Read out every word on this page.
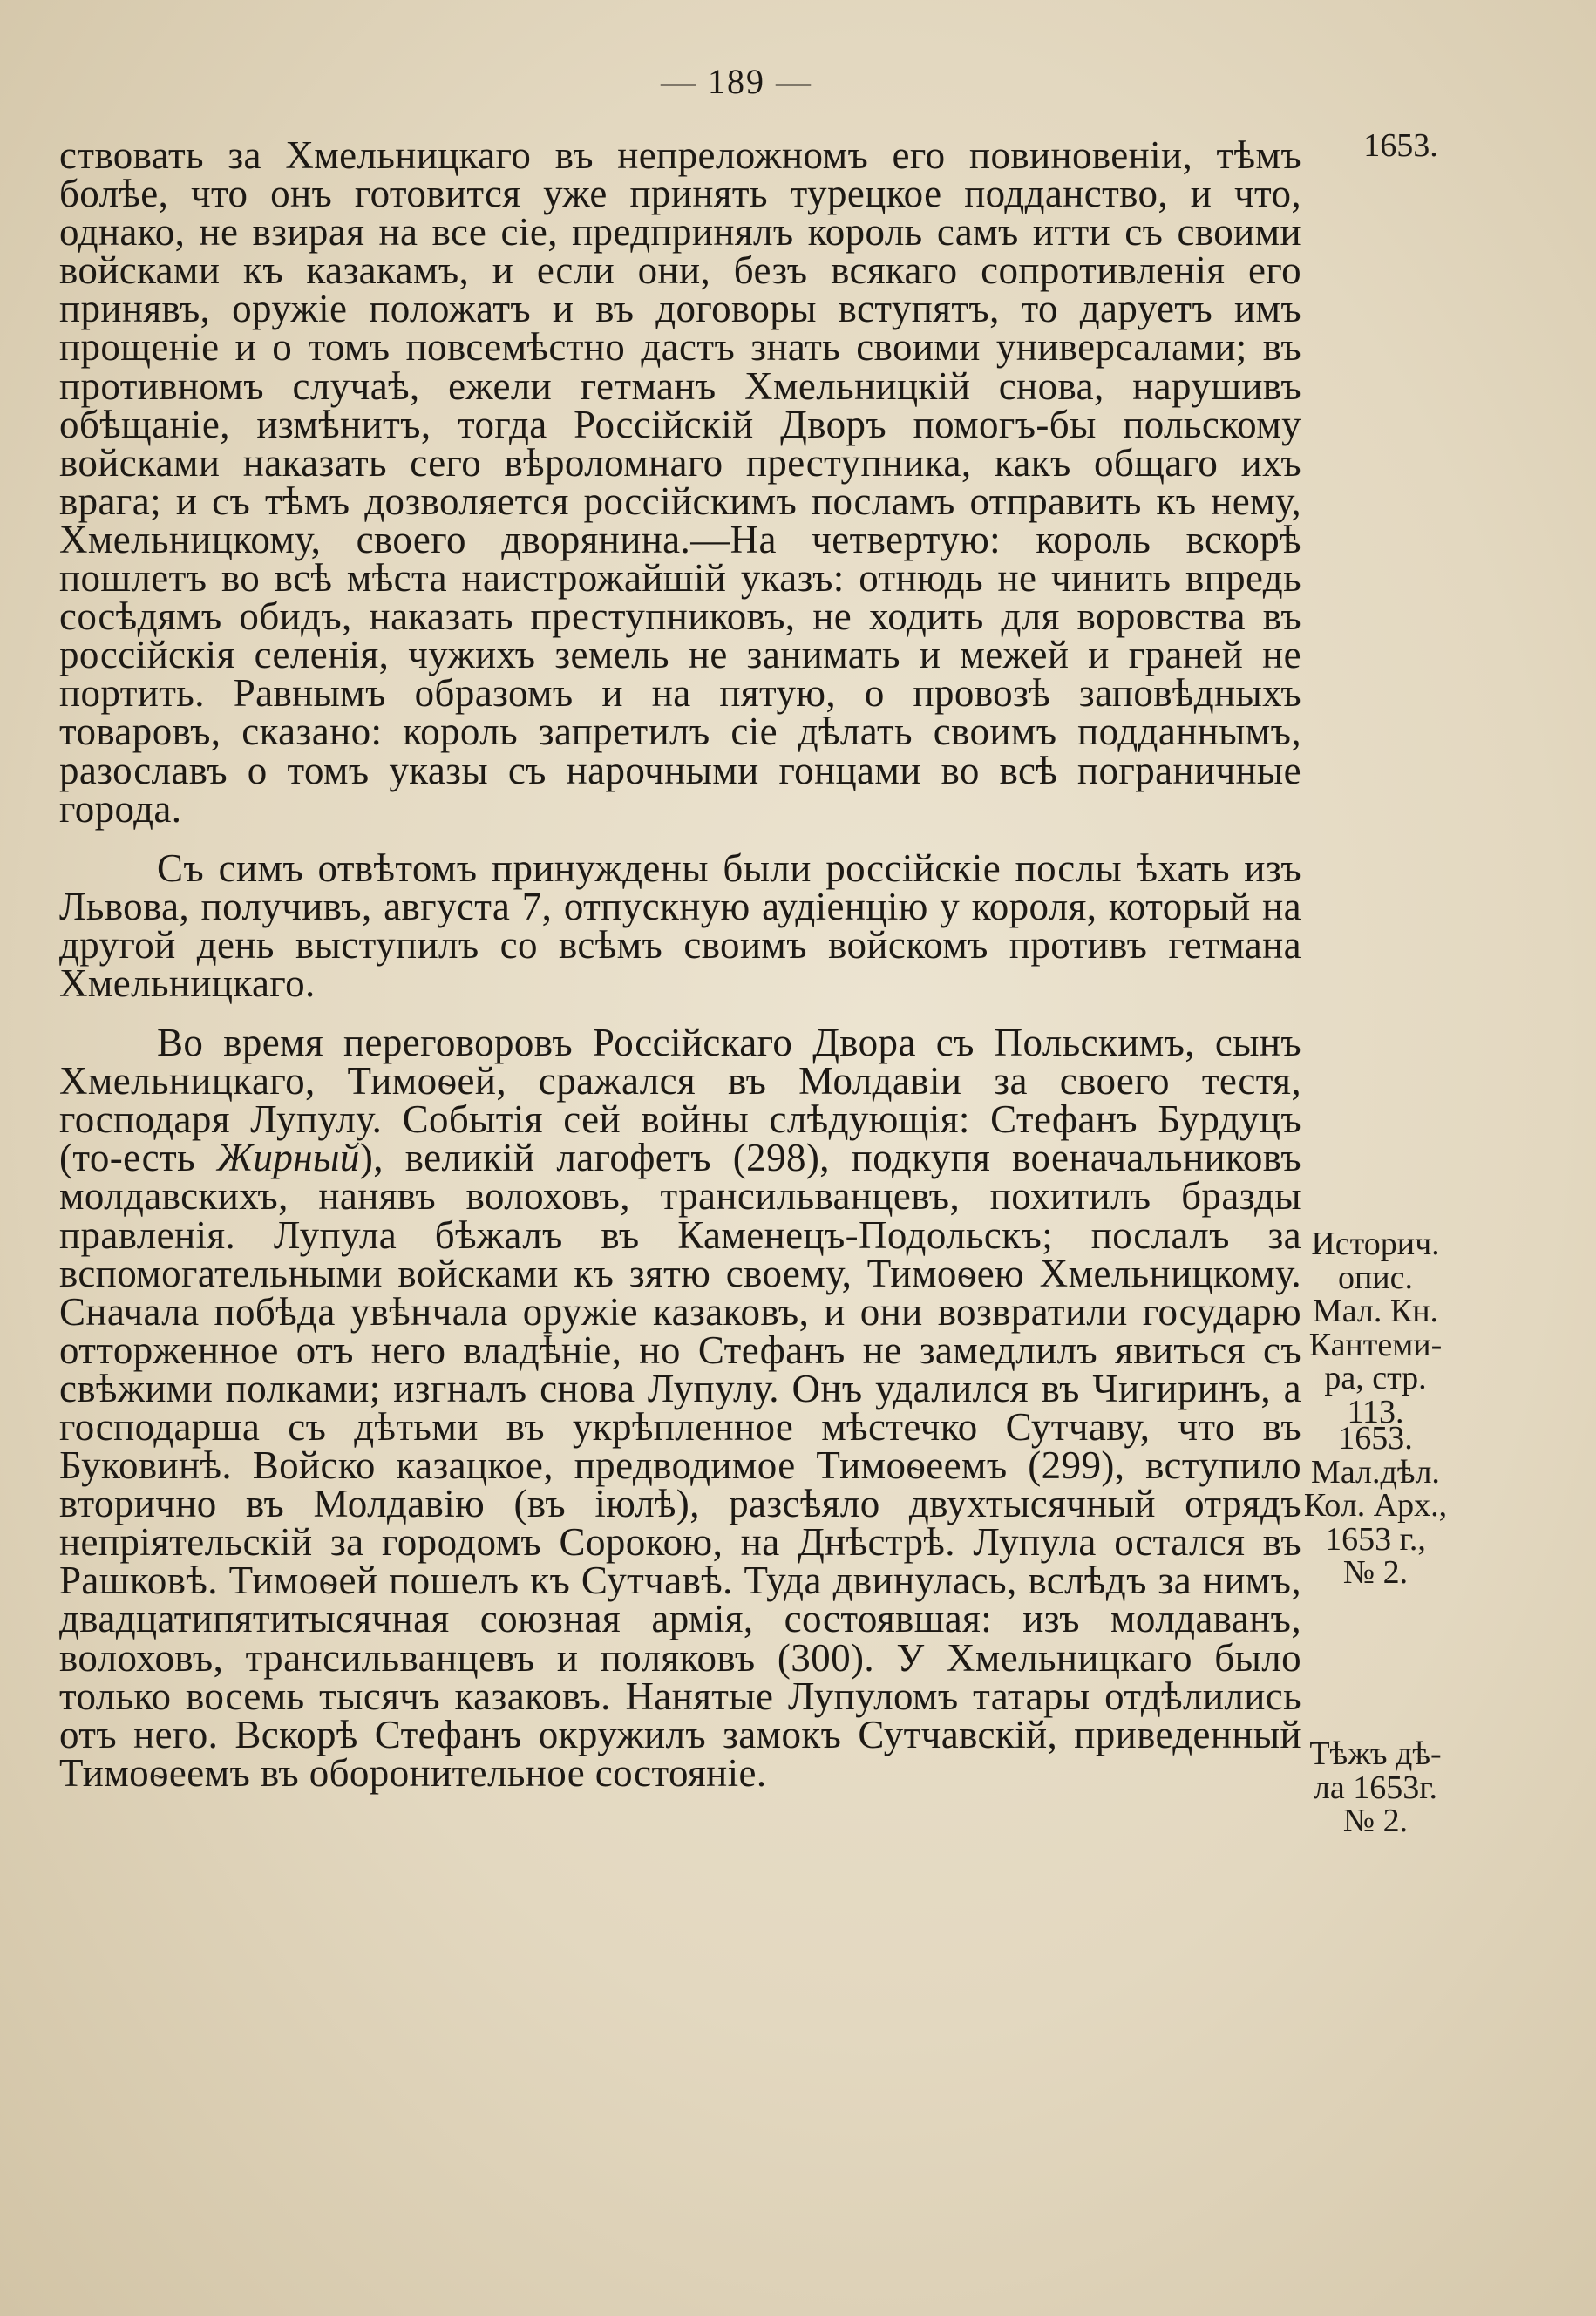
— 189 —
1653.
Историч.
опис.
Мал. Кн.
Кантеми-
ра, стр.
113.
1653.
Мал.дѣл.
Кол. Арх.,
1653 г.,
№ 2.
Тѣжъ дѣ-
ла 1653г.
№ 2.

ствовать за Хмельницкаго въ непреложномъ его повиновеніи, тѣмъ болѣе, что онъ готовится уже принять турецкое подданство, и что, однако, не взирая на все сіе, предпринялъ король самъ итти съ своими войсками къ казакамъ, и если они, безъ всякаго сопротивленія его принявъ, оружіе положатъ и въ договоры вступятъ, то даруетъ имъ прощеніе и о томъ повсемѣстно дастъ знать своими универсалами; въ противномъ случаѣ, ежели гетманъ Хмельницкій снова, нарушивъ обѣщаніе, измѣнитъ, тогда Россійскій Дворъ помогъ-бы польскому войсками наказать сего вѣроломнаго преступника, какъ общаго ихъ врага; и съ тѣмъ дозволяется россійскимъ посламъ отправить къ нему, Хмельницкому, своего дворянина.—На четвертую: король вскорѣ пошлетъ во всѣ мѣста наистрожайшій указъ: отнюдь не чинить впредь сосѣдямъ обидъ, наказать преступниковъ, не ходить для воровства въ россійскія селенія, чужихъ земель не занимать и межей и граней не портить. Равнымъ образомъ и на пятую, о провозѣ заповѣдныхъ товаровъ, сказано: король запретилъ сіе дѣлать своимъ подданнымъ, разославъ о томъ указы съ нарочными гонцами во всѣ пограничные города.

Съ симъ отвѣтомъ принуждены были россійскіе послы ѣхать изъ Львова, получивъ, августа 7, отпускную аудіенцію у короля, который на другой день выступилъ со всѣмъ своимъ войскомъ противъ гетмана Хмельницкаго.

Во время переговоровъ Россійскаго Двора съ Польскимъ, сынъ Хмельницкаго, Тимоѳей, сражался въ Молдавіи за своего тестя, господаря Лупулу. Событія сей войны слѣдующія: Стефанъ Бурдуцъ (то-есть Жирный), великій лагофетъ (298), подкупя военачальниковъ молдавскихъ, нанявъ волоховъ, трансильванцевъ, похитилъ бразды правленія. Лупула бѣжалъ въ Каменецъ-Подольскъ; послалъ за вспомогательными войсками къ зятю своему, Тимоѳею Хмельницкому. Сначала побѣда увѣнчала оружіе казаковъ, и они возвратили государю отторженное отъ него владѣніе, но Стефанъ не замедлилъ явиться съ свѣжими полками; изгналъ снова Лупулу. Онъ удалился въ Чигиринъ, а господарша съ дѣтьми въ укрѣпленное мѣстечко Сутчаву, что въ Буковинѣ. Войско казацкое, предводимое Тимоѳеемъ (299), вступило вторично въ Молдавію (въ іюлѣ), разсѣяло двухтысячный отрядъ непріятельскій за городомъ Сорокою, на Днѣстрѣ. Лупула остался въ Рашковѣ. Тимоѳей пошелъ къ Сутчавѣ. Туда двинулась, вслѣдъ за нимъ, двадцатипятитысячная союзная армія, состоявшая: изъ молдаванъ, волоховъ, трансильванцевъ и поляковъ (300). У Хмельницкаго было только восемь тысячъ казаковъ. Нанятые Лупуломъ татары отдѣлились отъ него. Вскорѣ Стефанъ окружилъ замокъ Сутчавскій, приведенный Тимоѳеемъ въ оборонительное состояніе.
